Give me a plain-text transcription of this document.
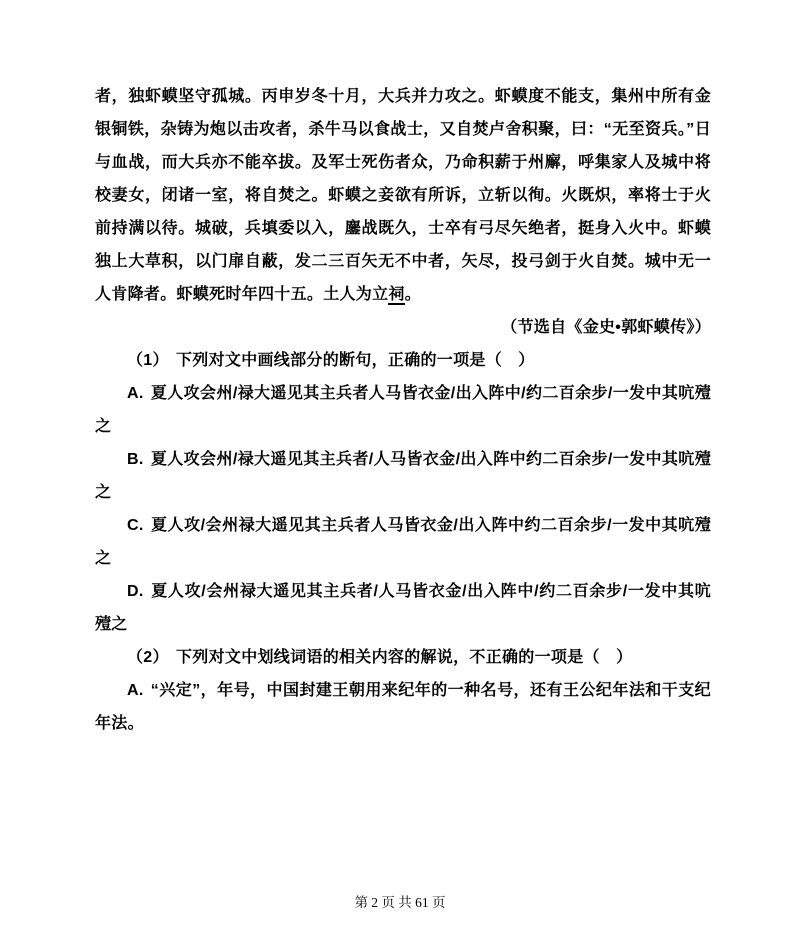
者，独虾蟆坚守孤城。丙申岁冬十月，大兵并力攻之。虾蟆度不能支，集州中所有金银铜铁，杂铸为炮以击攻者，杀牛马以食战士，又自焚卢舍积聚，曰：“无至资兵。”日与血战，而大兵亦不能卒拔。及军士死伤者众，乃命积薪于州廨，呼集家人及城中将校妻女，闭诸一室，将自焚之。虾蟆之妾欲有所诉，立斩以徇。火既炽，率将士于火前持满以待。城破，兵填委以入，鏖战既久，士卒有弓尽矢绝者，挺身入火中。虾蟆独上大草积，以门扉自蔽，发二三百矢无不中者，矢尽，投弓剑于火自焚。城中无一人肯降者。虾蟆死时年四十五。土人为立祠。

（节选自《金史•郭虾蟆传》）

（1） 下列对文中画线部分的断句，正确的一项是（　）

A. 夏人攻会州/禄大遥见其主兵者人马皆衣金/出入阵中/约二百余步/一发中其吭殪之

B. 夏人攻会州/禄大遥见其主兵者/人马皆衣金/出入阵中约二百余步/一发中其吭殪之

C. 夏人攻/会州禄大遥见其主兵者人马皆衣金/出入阵中约二百余步/一发中其吭殪之

D. 夏人攻/会州禄大遥见其主兵者/人马皆衣金/出入阵中/约二百余步/一发中其吭殪之

（2） 下列对文中划线词语的相关内容的解说，不正确的一项是（　）

A. “兴定”，年号，中国封建王朝用来纪年的一种名号，还有王公纪年法和干支纪年法。

第 2 页 共 61 页
